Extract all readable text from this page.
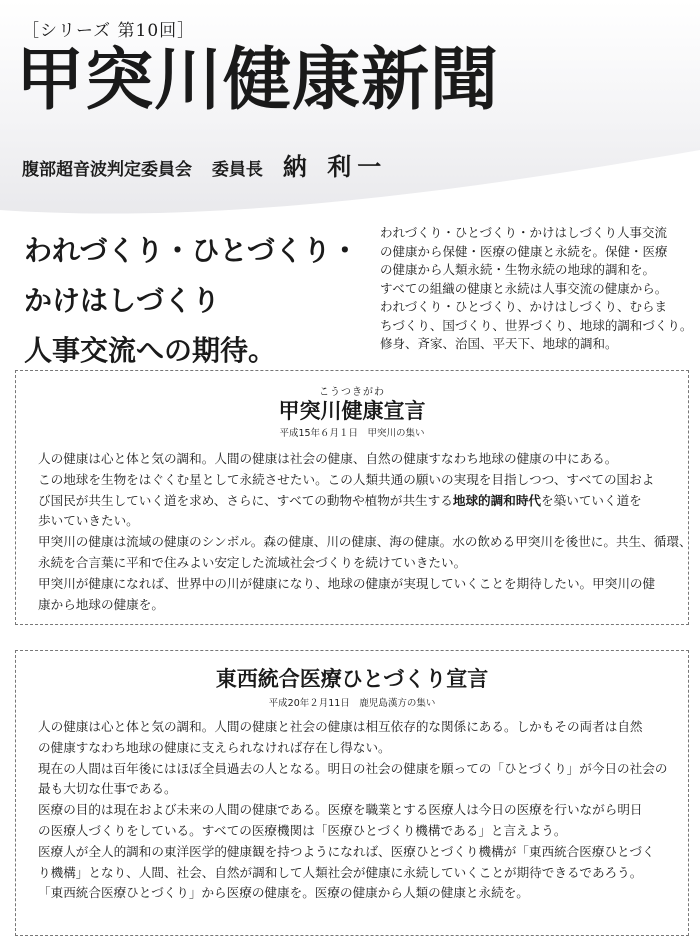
［シリーズ 第10回］
甲突川健康新聞
腹部超音波判定委員会 委員長 納 利一
われづくり・ひとづくり・
かけはしづくり
人事交流への期待。
われづくり・ひとづくり・かけはしづくり人事交流
の健康から保健・医療の健康と永続を。保健・医療
の健康から人類永続・生物永続の地球的調和を。
すべての組織の健康と永続は人事交流の健康から。
われづくり・ひとづくり、かけはしづくり、むらま
ちづくり、国づくり、世界づくり、地球的調和づくり。
修身、斉家、治国、平天下、地球的調和。
こうつきがわ
甲突川健康宣言
平成15年６月１日　甲突川の集い
人の健康は心と体と気の調和。人間の健康は社会の健康、自然の健康すなわち地球の健康の中にある。
この地球を生物をはぐくむ星として永続させたい。この人類共通の願いの実現を目指しつつ、すべての国およ
び国民が共生していく道を求め、さらに、すべての動物や植物が共生する地球的調和時代を築いていく道を
歩いていきたい。
甲突川の健康は流域の健康のシンボル。森の健康、川の健康、海の健康。水の飲める甲突川を後世に。共生、循環、
永続を合言葉に平和で住みよい安定した流域社会づくりを続けていきたい。
甲突川が健康になれば、世界中の川が健康になり、地球の健康が実現していくことを期待したい。甲突川の健
康から地球の健康を。
東西統合医療ひとづくり宣言
平成20年２月11日　鹿児島漢方の集い
人の健康は心と体と気の調和。人間の健康と社会の健康は相互依存的な関係にある。しかもその両者は自然
の健康すなわち地球の健康に支えられなければ存在し得ない。
現在の人間は百年後にはほぼ全員過去の人となる。明日の社会の健康を願っての「ひとづくり」が今日の社会の
最も大切な仕事である。
医療の目的は現在および未来の人間の健康である。医療を職業とする医療人は今日の医療を行いながら明日
の医療人づくりをしている。すべての医療機関は「医療ひとづくり機構である」と言えよう。
医療人が全人的調和の東洋医学的健康観を持つようになれば、医療ひとづくり機構が「東西統合医療ひとづく
り機構」となり、人間、社会、自然が調和して人類社会が健康に永続していくことが期待できるであろう。
「東西統合医療ひとづくり」から医療の健康を。医療の健康から人類の健康と永続を。
